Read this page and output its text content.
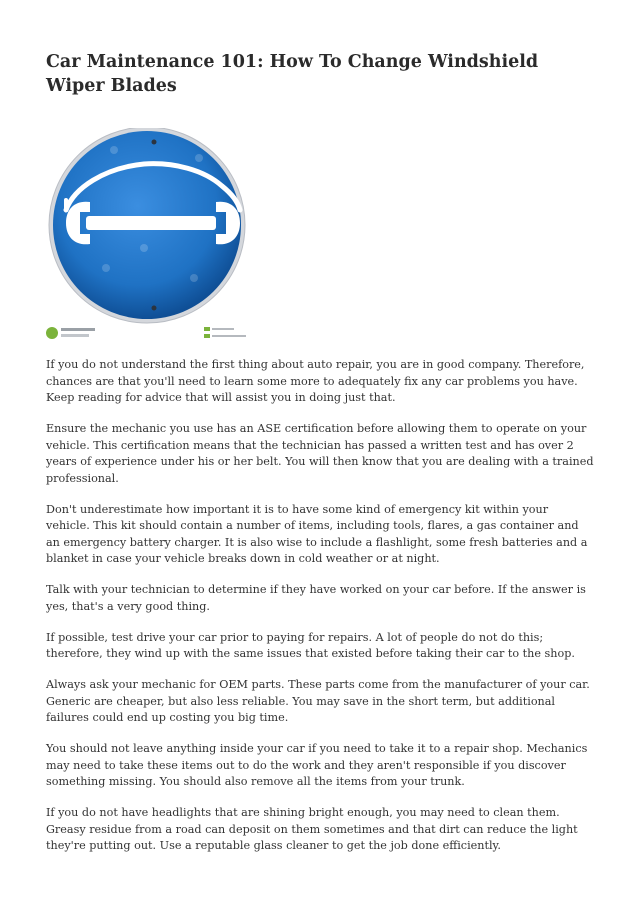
Car Maintenance 101: How To Change Windshield Wiper Blades

If you do not understand the first thing about auto repair, you are in good company. Therefore, chances are that you'll need to learn some more to adequately fix any car problems you have. Keep reading for advice that will assist you in doing just that.

Ensure the mechanic you use has an ASE certification before allowing them to operate on your vehicle. This certification means that the technician has passed a written test and has over 2 years of experience under his or her belt. You will then know that you are dealing with a trained professional.

Don't underestimate how important it is to have some kind of emergency kit within your vehicle. This kit should contain a number of items, including tools, flares, a gas container and an emergency battery charger. It is also wise to include a flashlight, some fresh batteries and a blanket in case your vehicle breaks down in cold weather or at night.

Talk with your technician to determine if they have worked on your car before. If the answer is yes, that's a very good thing.

If possible, test drive your car prior to paying for repairs. A lot of people do not do this; therefore, they wind up with the same issues that existed before taking their car to the shop.

Always ask your mechanic for OEM parts. These parts come from the manufacturer of your car. Generic are cheaper, but also less reliable. You may save in the short term, but additional failures could end up costing you big time.

You should not leave anything inside your car if you need to take it to a repair shop. Mechanics may need to take these items out to do the work and they aren't responsible if you discover something missing. You should also remove all the items from your trunk.

If you do not have headlights that are shining bright enough, you may need to clean them. Greasy residue from a road can deposit on them sometimes and that dirt can reduce the light they're putting out. Use a reputable glass cleaner to get the job done efficiently.
